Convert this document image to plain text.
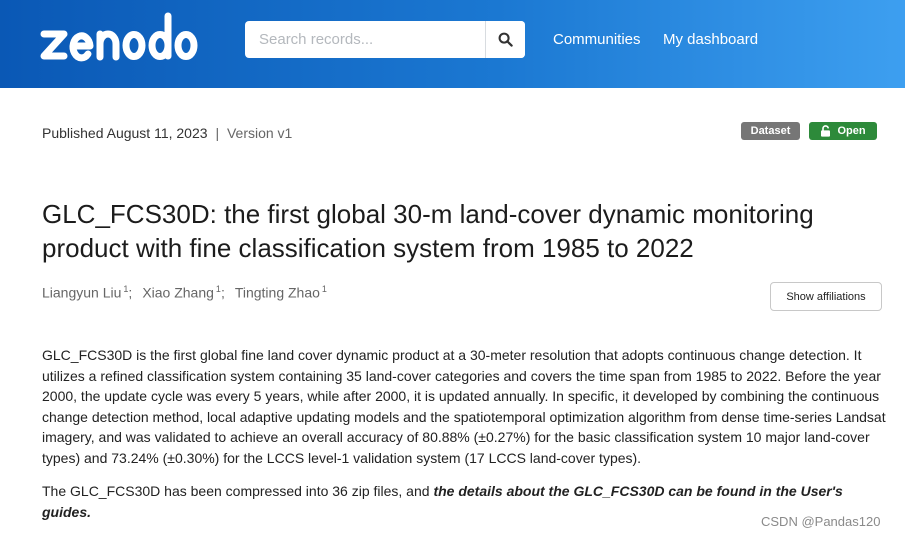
Search records...
Communities My dashboard
Published August 11, 2023 | Version v1	Dataset	Open
GLC_FCS30D: the first global 30-m land-cover dynamic monitoring product with fine classification system from 1985 to 2022
Liangyun Liu $^1$; Xiao Zhang $^1$; Tingting Zhao $^1$
Show affiliations

GLC_FCS30D is the first global fine land cover dynamic product at a 30-meter resolution that adopts continuous change detection. It utilizes a refined classification system containing 35 land-cover categories and covers the time span from 1985 to 2022. Before the year 2000, the update cycle was every 5 years, while after 2000, it is updated annually. In specific, it developed by combining the continuous change detection method, local adaptive updating models and the spatiotemporal optimization algorithm from dense time-series Landsat imagery, and was validated to achieve an overall accuracy of 80.88% (±0.27%) for the basic classification system 10 major land-cover types) and 73.24% (±0.30%) for the LCCS level-1 validation system (17 LCCS land-cover types).

The GLC_FCS30D has been compressed into 36 zip files, and the details about the GLC_FCS30D can be found in the User's guides.

CSDN @Pandas120
